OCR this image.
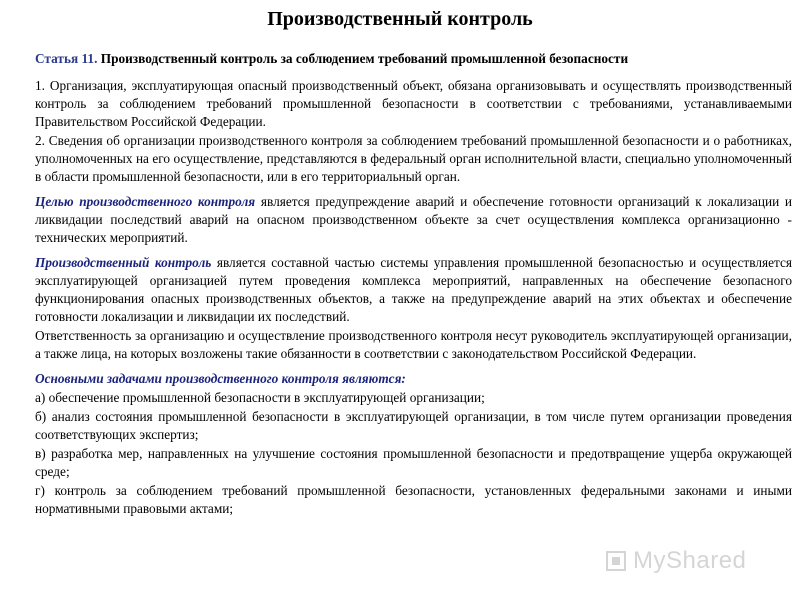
Производственный контроль

Статья 11. Производственный контроль за соблюдением требований промышленной безопасности

1. Организация, эксплуатирующая опасный производственный объект, обязана организовывать и осуществлять производственный контроль за соблюдением требований промышленной безопасности в соответствии с требованиями, устанавливаемыми Правительством Российской Федерации.

2. Сведения об организации производственного контроля за соблюдением требований промышленной безопасности и о работниках, уполномоченных на его осуществление, представляются в федеральный орган исполнительной власти, специально уполномоченный в области промышленной безопасности, или в его территориальный орган.

Целью производственного контроля является предупреждение аварий и обеспечение готовности организаций к локализации и ликвидации последствий аварий на опасном производственном объекте за счет осуществления комплекса организационно - технических мероприятий.

Производственный контроль является составной частью системы управления промышленной безопасностью и осуществляется эксплуатирующей организацией путем проведения комплекса мероприятий, направленных на обеспечение безопасного функционирования опасных производственных объектов, а также на предупреждение аварий на этих объектах и обеспечение готовности локализации и ликвидации их последствий.

Ответственность за организацию и осуществление производственного контроля несут руководитель эксплуатирующей организации, а также лица, на которых возложены такие обязанности в соответствии с законодательством Российской Федерации.

Основными задачами производственного контроля являются:

а) обеспечение промышленной безопасности в эксплуатирующей организации;

б) анализ состояния промышленной безопасности в эксплуатирующей организации, в том числе путем организации проведения соответствующих экспертиз;

в) разработка мер, направленных на улучшение состояния промышленной безопасности и предотвращение ущерба окружающей среде;

г) контроль за соблюдением требований промышленной безопасности, установленных федеральными законами и иными нормативными правовыми актами;

MyShared
